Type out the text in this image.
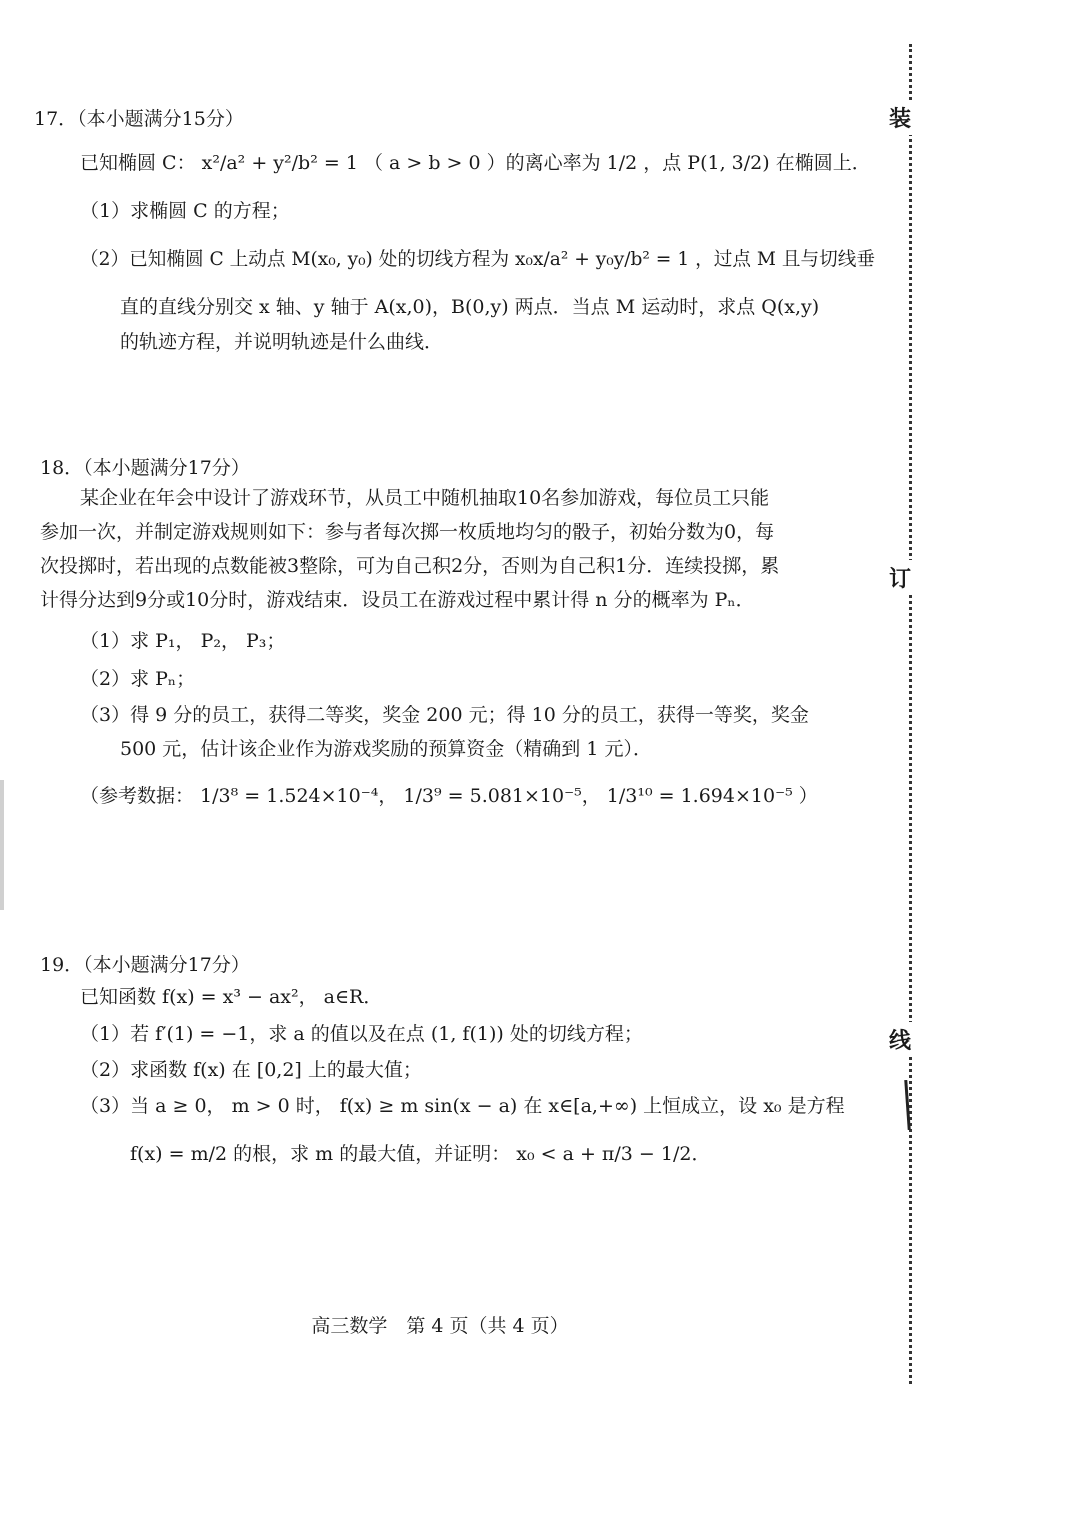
装
订
线
17．（本小题满分15分）
已知椭圆 C： x²/a² + y²/b² = 1 （ a > b > 0 ）的离心率为 1/2 ，点 P(1, 3/2) 在椭圆上．
（1）求椭圆 C 的方程；
（2）已知椭圆 C 上动点 M(x₀, y₀) 处的切线方程为 x₀x/a² + y₀y/b² = 1 ，过点 M 且与切线垂
直的直线分别交 x 轴、y 轴于 A(x,0)，B(0,y) 两点．当点 M 运动时，求点 Q(x,y)
的轨迹方程，并说明轨迹是什么曲线．
18．（本小题满分17分）
某企业在年会中设计了游戏环节，从员工中随机抽取10名参加游戏，每位员工只能
参加一次，并制定游戏规则如下：参与者每次掷一枚质地均匀的骰子，初始分数为0，每
次投掷时，若出现的点数能被3整除，可为自己积2分，否则为自己积1分．连续投掷，累
计得分达到9分或10分时，游戏结束．设员工在游戏过程中累计得 n 分的概率为 Pₙ．
（1）求 P₁， P₂， P₃；
（2）求 Pₙ；
（3）得 9 分的员工，获得二等奖，奖金 200 元；得 10 分的员工，获得一等奖，奖金
500 元，估计该企业作为游戏奖励的预算资金（精确到 1 元）．
（参考数据： 1/3⁸ = 1.524×10⁻⁴， 1/3⁹ = 5.081×10⁻⁵， 1/3¹⁰ = 1.694×10⁻⁵ ）
19．（本小题满分17分）
已知函数 f(x) = x³ − ax²， a∈R．
（1）若 f′(1) = −1，求 a 的值以及在点 (1, f(1)) 处的切线方程；
（2）求函数 f(x) 在 [0,2] 上的最大值；
（3）当 a ≥ 0， m > 0 时， f(x) ≥ m sin(x − a) 在 x∈[a,+∞) 上恒成立，设 x₀ 是方程
f(x) = m/2 的根，求 m 的最大值，并证明： x₀ < a + π/3 − 1/2．
高三数学　第 4 页（共 4 页）
